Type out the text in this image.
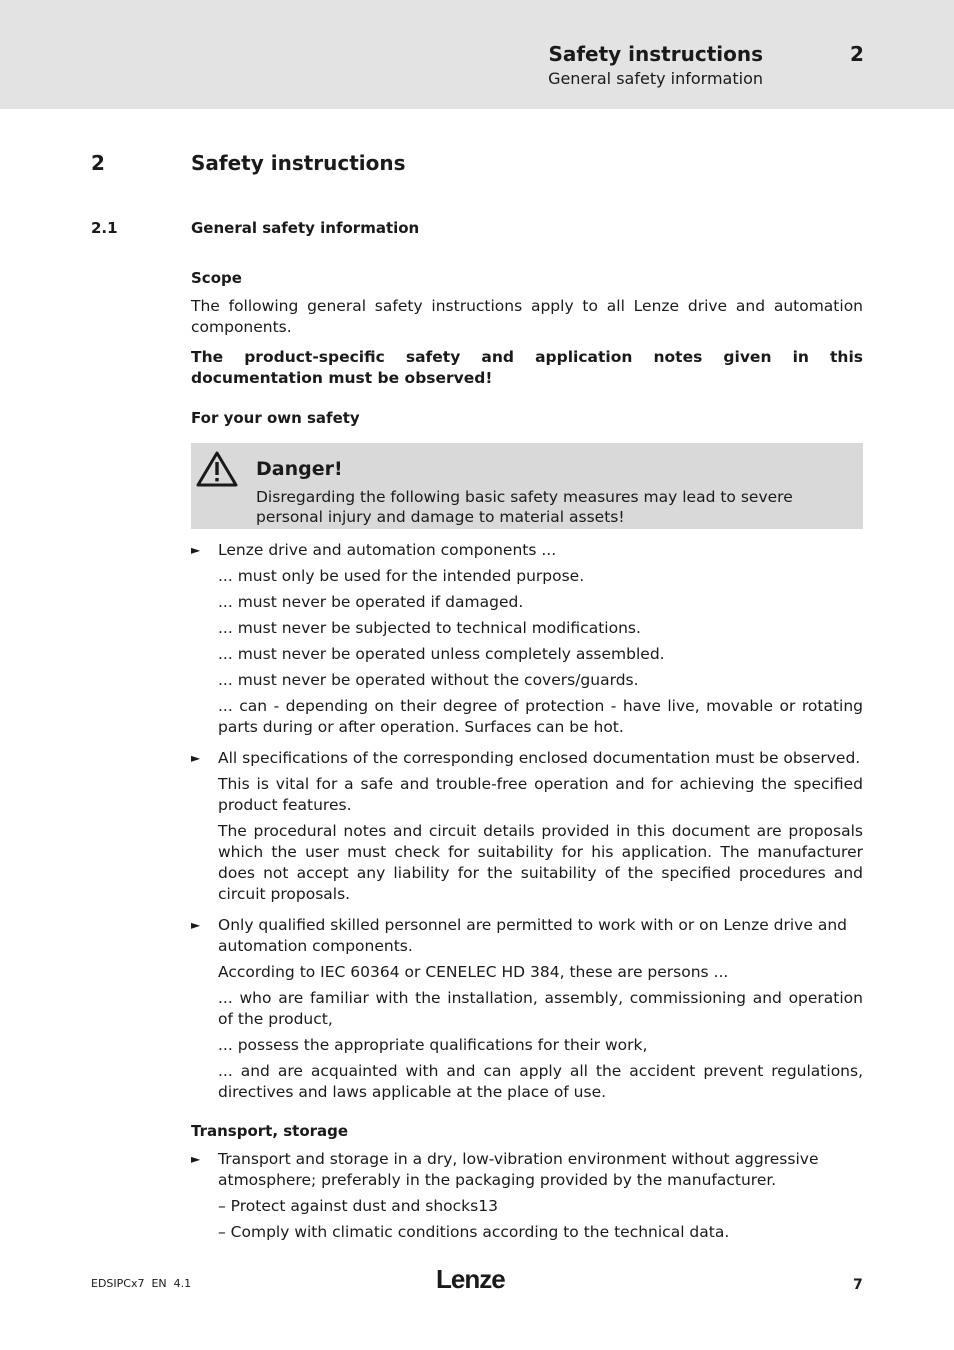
Safety instructions
General safety information
2
2	Safety instructions
2.1	General safety information

Scope

The following general safety instructions apply to all Lenze drive and automation components.

The product-specific safety and application notes given in this documentation must be observed!

For your own safety

Danger!

Disregarding the following basic safety measures may lead to severe personal injury and damage to material assets!

► Lenze drive and automation components ...

... must only be used for the intended purpose.

... must never be operated if damaged.

... must never be subjected to technical modifications.

... must never be operated unless completely assembled.

... must never be operated without the covers/guards.

... can - depending on their degree of protection - have live, movable or rotating parts during or after operation. Surfaces can be hot.

► All specifications of the corresponding enclosed documentation must be observed.

This is vital for a safe and trouble-free operation and for achieving the specified product features.

The procedural notes and circuit details provided in this document are proposals which the user must check for suitability for his application. The manufacturer does not accept any liability for the suitability of the specified procedures and circuit proposals.

► Only qualified skilled personnel are permitted to work with or on Lenze drive and automation components.

According to IEC 60364 or CENELEC HD 384, these are persons ...

... who are familiar with the installation, assembly, commissioning and operation of the product,

... possess the appropriate qualifications for their work,

... and are acquainted with and can apply all the accident prevent regulations, directives and laws applicable at the place of use.

Transport, storage

► Transport and storage in a dry, low-vibration environment without aggressive atmosphere; preferably in the packaging provided by the manufacturer.

– Protect against dust and shocks13

– Comply with climatic conditions according to the technical data.

EDSIPCx7  EN  4.1	Lenze	7
